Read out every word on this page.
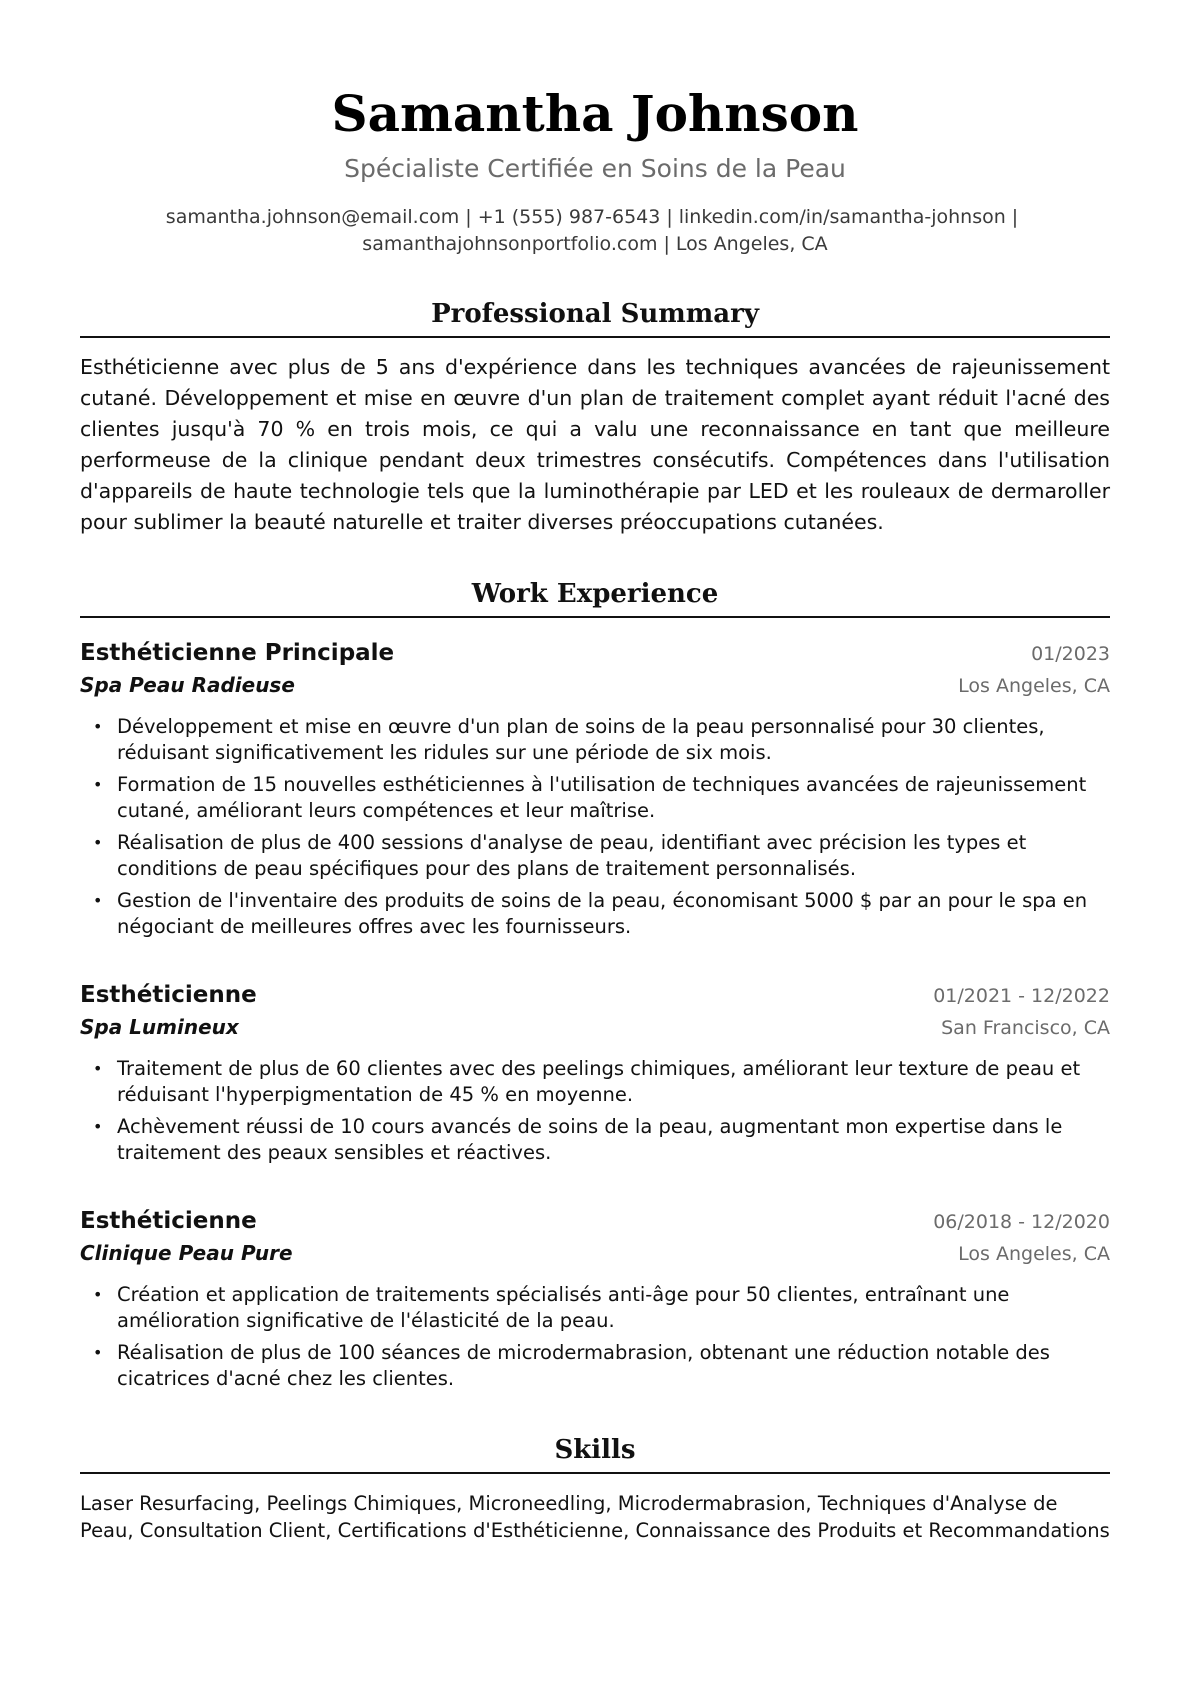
Samantha Johnson
Spécialiste Certifiée en Soins de la Peau
samantha.johnson@email.com | +1 (555) 987-6543 | linkedin.com/in/samantha-johnson |
samanthajohnsonportfolio.com | Los Angeles, CA
Professional Summary
Esthéticienne avec plus de 5 ans d'expérience dans les techniques avancées de rajeunissement cutané. Développement et mise en œuvre d'un plan de traitement complet ayant réduit l'acné des clientes jusqu'à 70 % en trois mois, ce qui a valu une reconnaissance en tant que meilleure performeuse de la clinique pendant deux trimestres consécutifs. Compétences dans l'utilisation d'appareils de haute technologie tels que la luminothérapie par LED et les rouleaux de dermaroller pour sublimer la beauté naturelle et traiter diverses préoccupations cutanées.
Work Experience
Esthéticienne Principale	01/2023
Spa Peau Radieuse	Los Angeles, CA
• Développement et mise en œuvre d'un plan de soins de la peau personnalisé pour 30 clientes, réduisant significativement les ridules sur une période de six mois.
• Formation de 15 nouvelles esthéticiennes à l'utilisation de techniques avancées de rajeunissement cutané, améliorant leurs compétences et leur maîtrise.
• Réalisation de plus de 400 sessions d'analyse de peau, identifiant avec précision les types et conditions de peau spécifiques pour des plans de traitement personnalisés.
• Gestion de l'inventaire des produits de soins de la peau, économisant 5000 $ par an pour le spa en négociant de meilleures offres avec les fournisseurs.
Esthéticienne	01/2021 - 12/2022
Spa Lumineux	San Francisco, CA
• Traitement de plus de 60 clientes avec des peelings chimiques, améliorant leur texture de peau et réduisant l'hyperpigmentation de 45 % en moyenne.
• Achèvement réussi de 10 cours avancés de soins de la peau, augmentant mon expertise dans le traitement des peaux sensibles et réactives.
Esthéticienne	06/2018 - 12/2020
Clinique Peau Pure	Los Angeles, CA
• Création et application de traitements spécialisés anti-âge pour 50 clientes, entraînant une amélioration significative de l'élasticité de la peau.
• Réalisation de plus de 100 séances de microdermabrasion, obtenant une réduction notable des cicatrices d'acné chez les clientes.
Skills
Laser Resurfacing, Peelings Chimiques, Microneedling, Microdermabrasion, Techniques d'Analyse de Peau, Consultation Client, Certifications d'Esthéticienne, Connaissance des Produits et Recommandations
